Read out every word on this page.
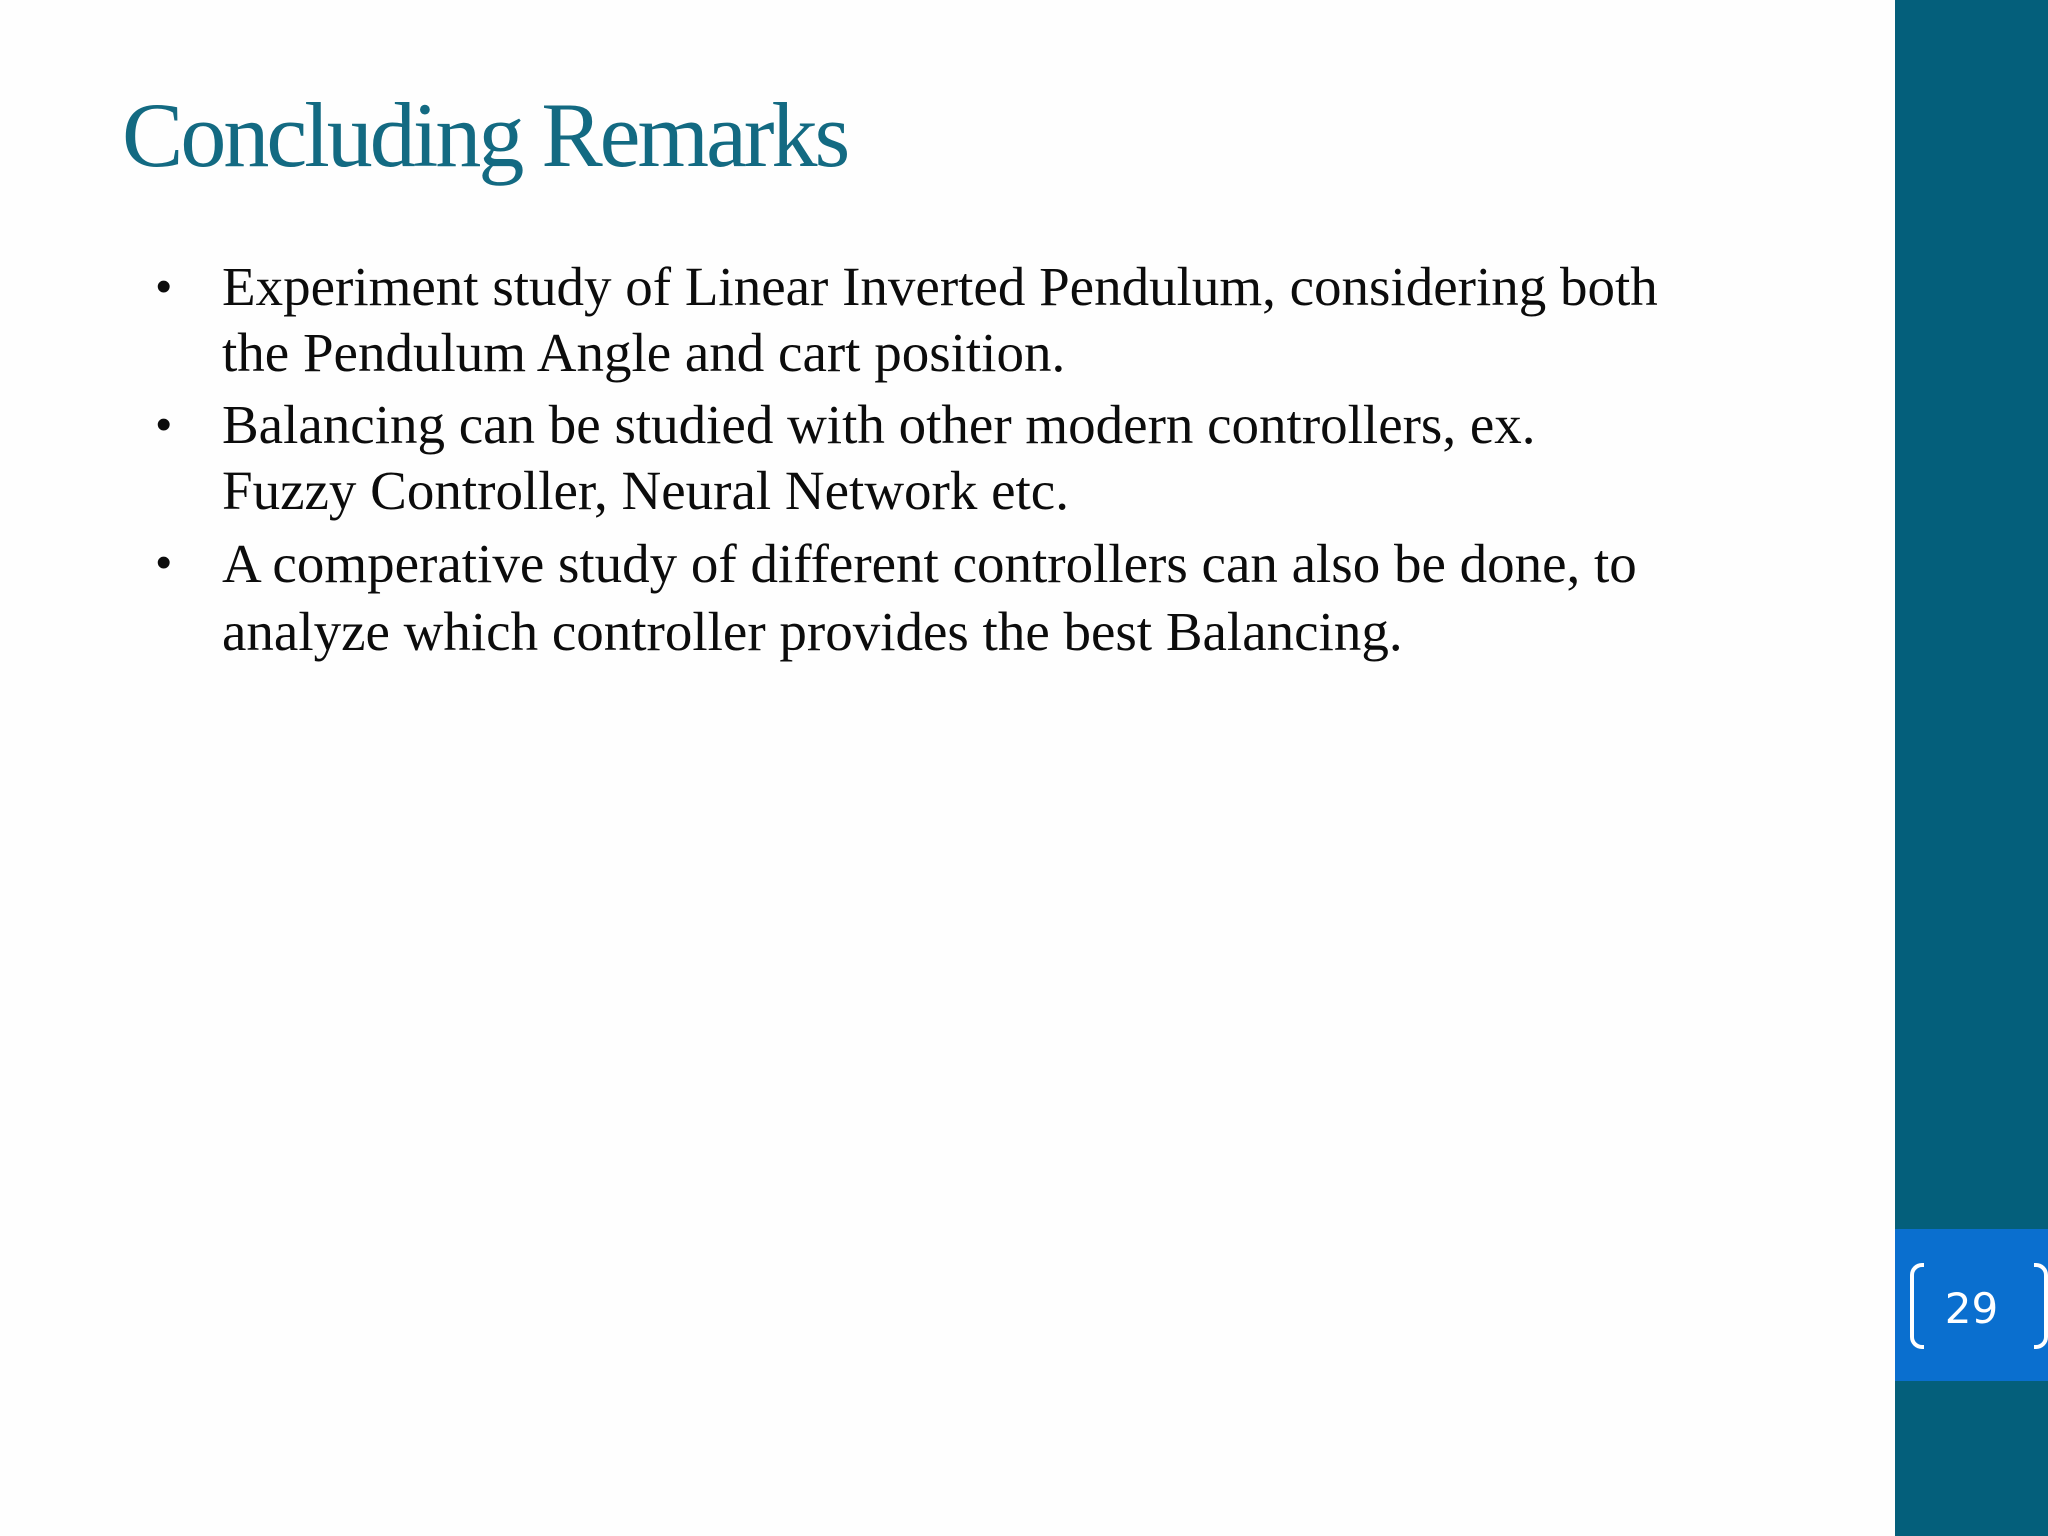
Concluding Remarks
• Experiment study of Linear Inverted Pendulum, considering both
the Pendulum Angle and cart position.
• Balancing can be studied with other modern controllers, ex.
Fuzzy Controller, Neural Network etc.
• A comperative study of different controllers can also be done, to
analyze which controller provides the best Balancing.
29
